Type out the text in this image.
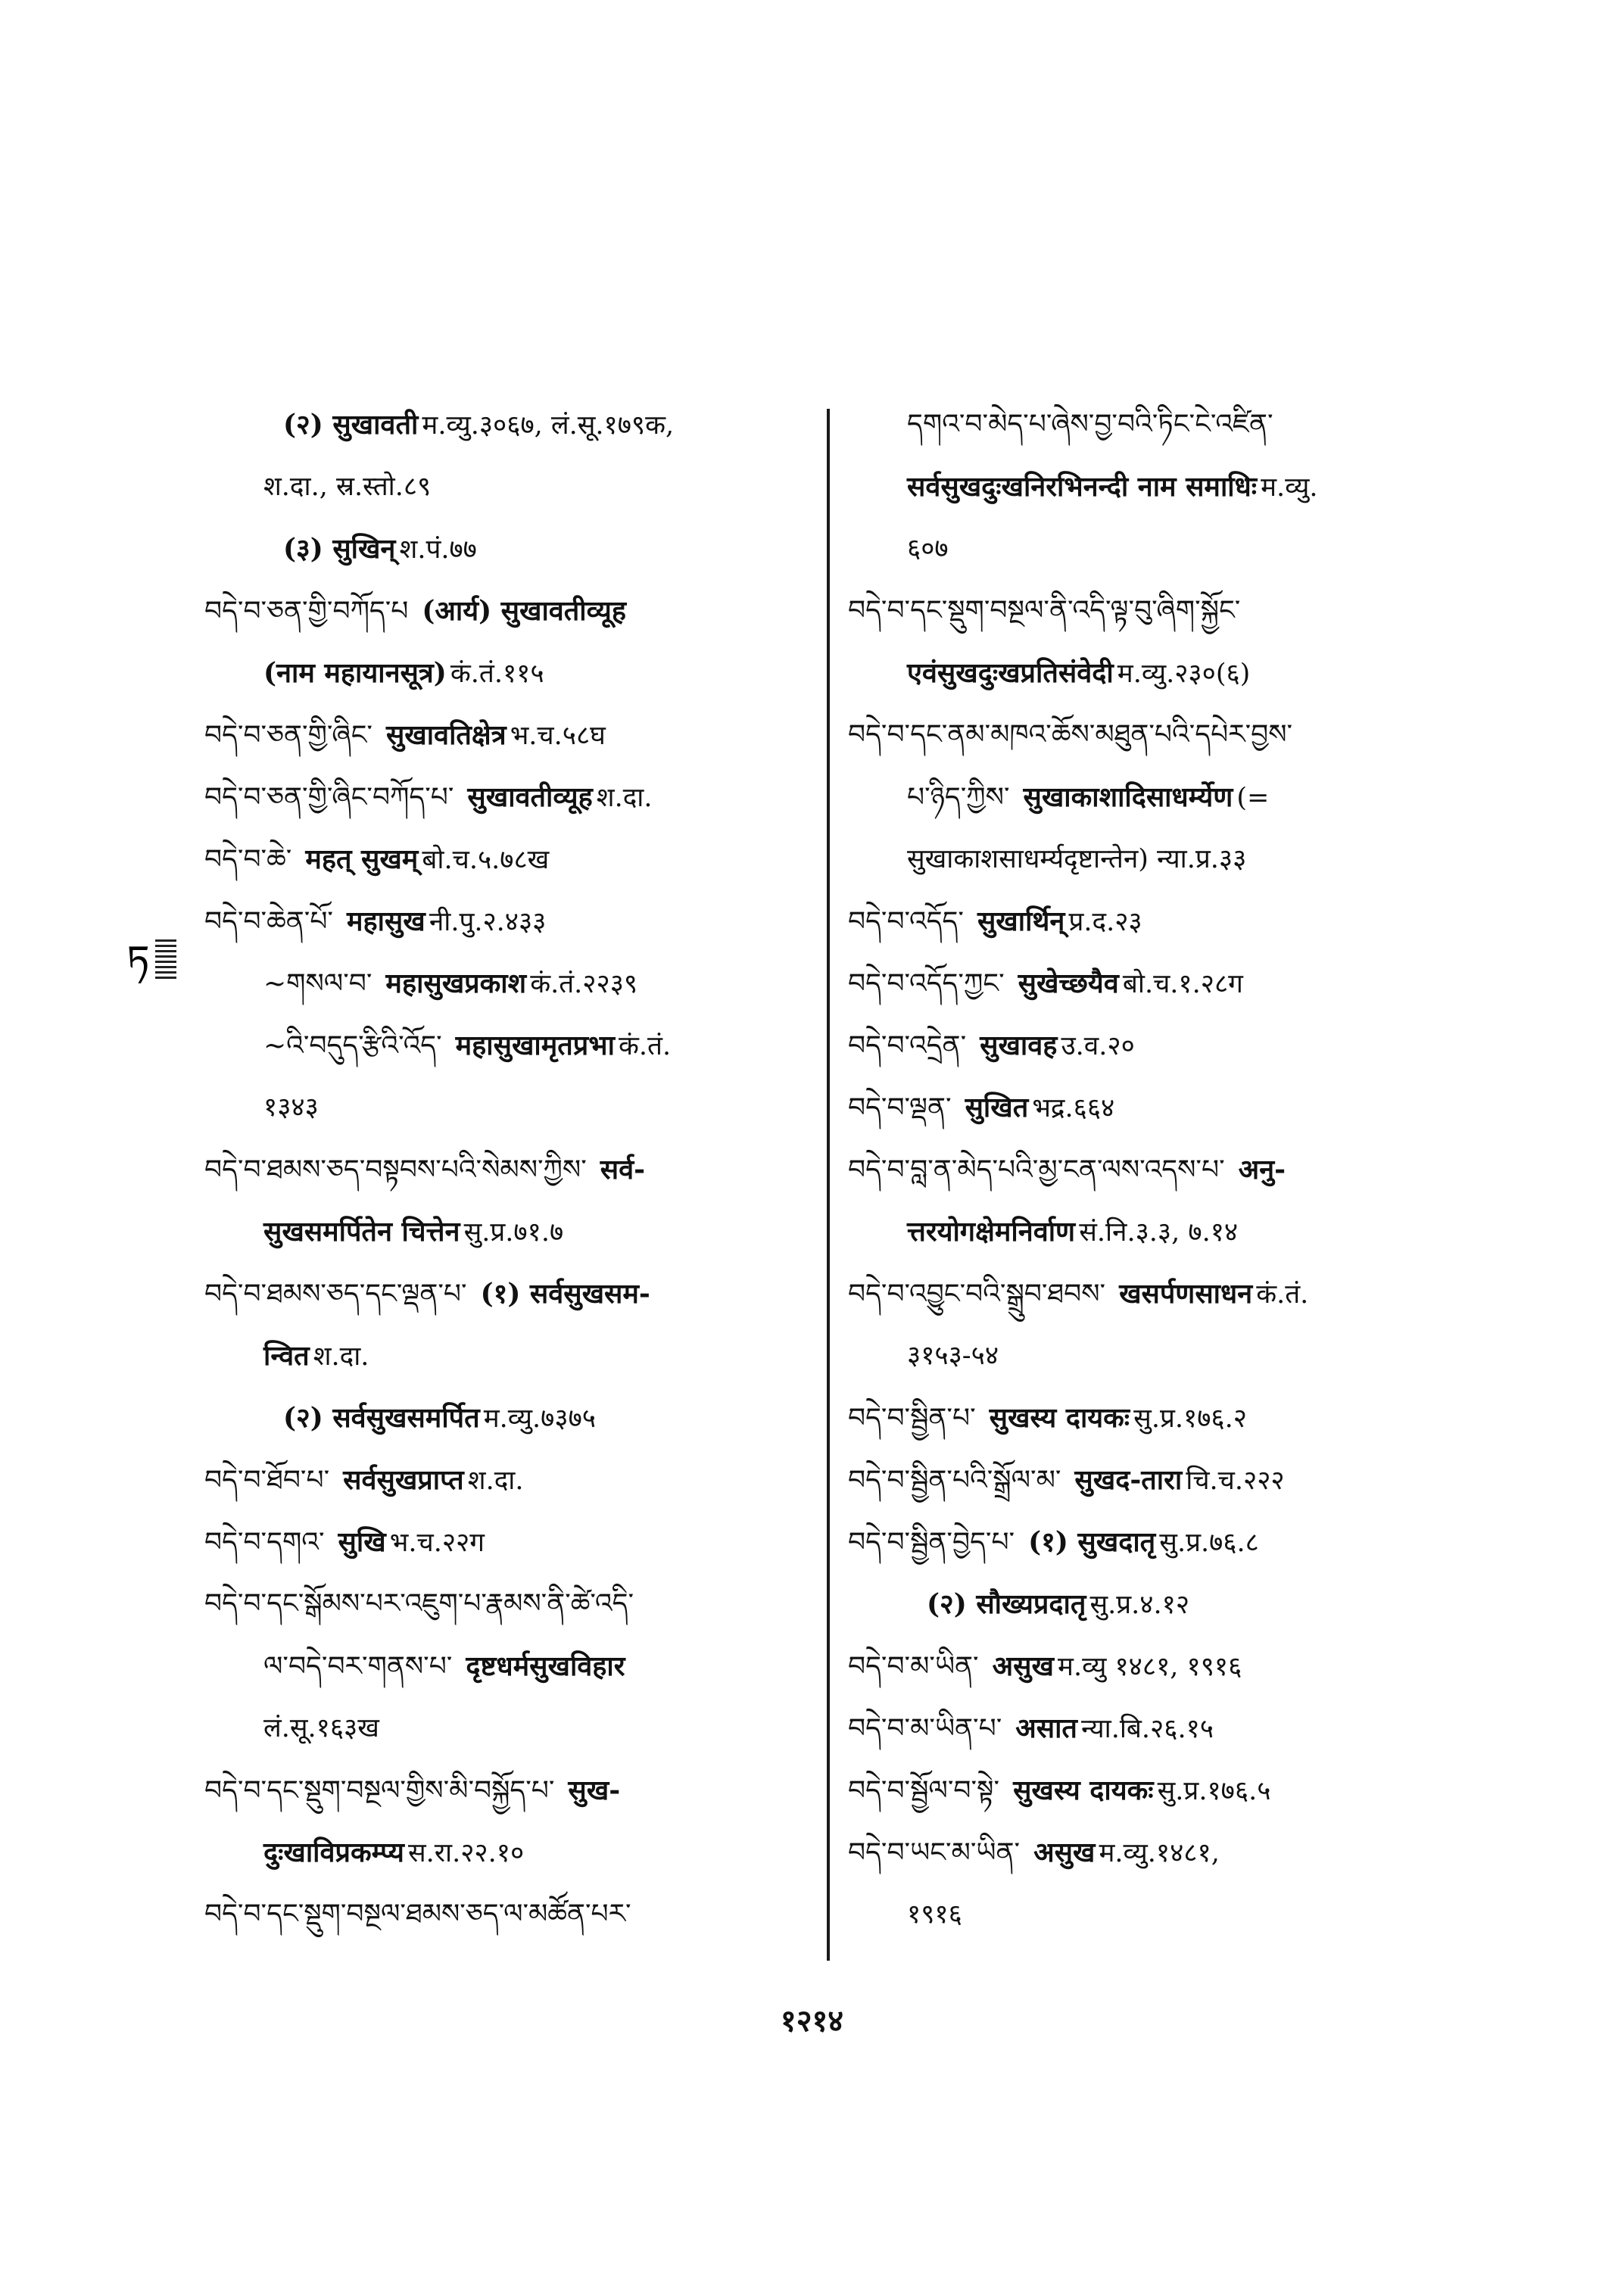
ཏ
(२) सुखावती म.व्यु.३०६७, लं.सू.१७९क,
श.दा., स्र.स्तो.८९
(३) सुखिन् श.पं.७७
བདེ་བ་ཅན་གྱི་བཀོད་པ (आर्य) सुखावतीव्यूह
(नाम महायानसूत्र) कं.तं.११५
བདེ་བ་ཅན་གྱི་ཞིང་ सुखावतिक्षेत्र भ.च.५८घ
བདེ་བ་ཅན་གྱི་ཞིང་བཀོད་པ་ सुखावतीव्यूह श.दा.
བདེ་བ་ཆེ་ महत् सुखम् बो.च.५.७८ख
བདེ་བ་ཆེན་པོ་ महासुख नी.पु.२.४३३
~གསལ་བ་ महासुखप्रकाश कं.तं.२२३९
~འི་བདུད་རྩིའི་འོད་ महासुखामृतप्रभा कं.तं.
१३४३
བདེ་བ་ཐམས་ཅད་བསྟབས་པའི་སེམས་ཀྱིས་ सर्व-
सुखसमर्पितेन चित्तेन सु.प्र.७१.७
བདེ་བ་ཐམས་ཅད་དང་ལྡན་པ་ (१) सर्वसुखसम-
न्वित श.दा.
(२) सर्वसुखसमर्पित म.व्यु.७३७५
བདེ་བ་ཐོབ་པ་ सर्वसुखप्राप्त श.दा.
བདེ་བ་དགའ་ सुखि भ.च.२२ग
བདེ་བ་དང་སྒོམས་པར་འཇུག་པ་རྣམས་ནི་ཚེ་འདི་
ལ་བདེ་བར་གནས་པ་ दृष्टधर्मसुखविहार
लं.सू.१६३ख
བདེ་བ་དང་སྡུག་བསྔལ་གྱིས་མི་བསྐྱོད་པ་ सुख-
दुःखाविप्रकम्प्य स.रा.२२.१०
བདེ་བ་དང་སྡུག་བསྔལ་ཐམས་ཅད་ལ་མཚོན་པར་
དགའ་བ་མེད་པ་ཞེས་བྱ་བའི་ཏིང་ངེ་འཛིན་
सर्वसुखदुःखनिरभिनन्दी नाम समाधिः म.व्यु.
६०७
བདེ་བ་དང་སྡུག་བསྔལ་ནི་འདི་ལྟ་བུ་ཞིག་སྐྱོང་
एवंसुखदुःखप्रतिसंवेदी म.व्यु.२३०(६)
བདེ་བ་དང་ནམ་མཁའ་ཆོས་མཐུན་པའི་དཔེར་བྱས་
པ་ཉིད་ཀྱིས་ सुखाकाशादिसाधर्म्येण (=
सुखाकाशसाधर्म्यदृष्टान्तेन) न्या.प्र.३३
བདེ་བ་འདོད་ सुखार्थिन् प्र.द.२३
བདེ་བ་འདོད་ཀྱང་ सुखेच्छयैव बो.च.१.२८ग
བདེ་བ་འདྲེན་ सुखावह उ.व.२०
བདེ་བ་ལྡན་ सुखित भद्र.६६४
བདེ་བ་བླ་ན་མེད་པའི་མྱ་ངན་ལས་འདས་པ་ अनु-
त्तरयोगक्षेमनिर्वाण सं.नि.३.३, ७.१४
བདེ་བ་འབྱུང་བའི་སྒྲུབ་ཐབས་ खसर्पणसाधन कं.तं.
३१५३-५४
བདེ་བ་སྦྱིན་པ་ सुखस्य दायकः सु.प्र.१७६.२
བདེ་བ་སྦྱིན་པའི་སྒྲོལ་མ་ सुखद-तारा चि.च.२२२
བདེ་བ་སྦྱིན་བྱེད་པ་ (१) सुखदातृ सु.प्र.७६.८
(२) सौख्यप्रदातृ सु.प्र.४.१२
བདེ་བ་མ་ཡིན་ असुख म.व्यु १४८१, १९१६
བདེ་བ་མ་ཡིན་པ་ असात न्या.बि.२६.१५
བདེ་བ་སྦྱོལ་བ་སྟེ་ सुखस्य दायकः सु.प्र.१७६.५
བདེ་བ་ཡང་མ་ཡིན་ असुख म.व्यु.१४८१,
१९१६
१२१४
